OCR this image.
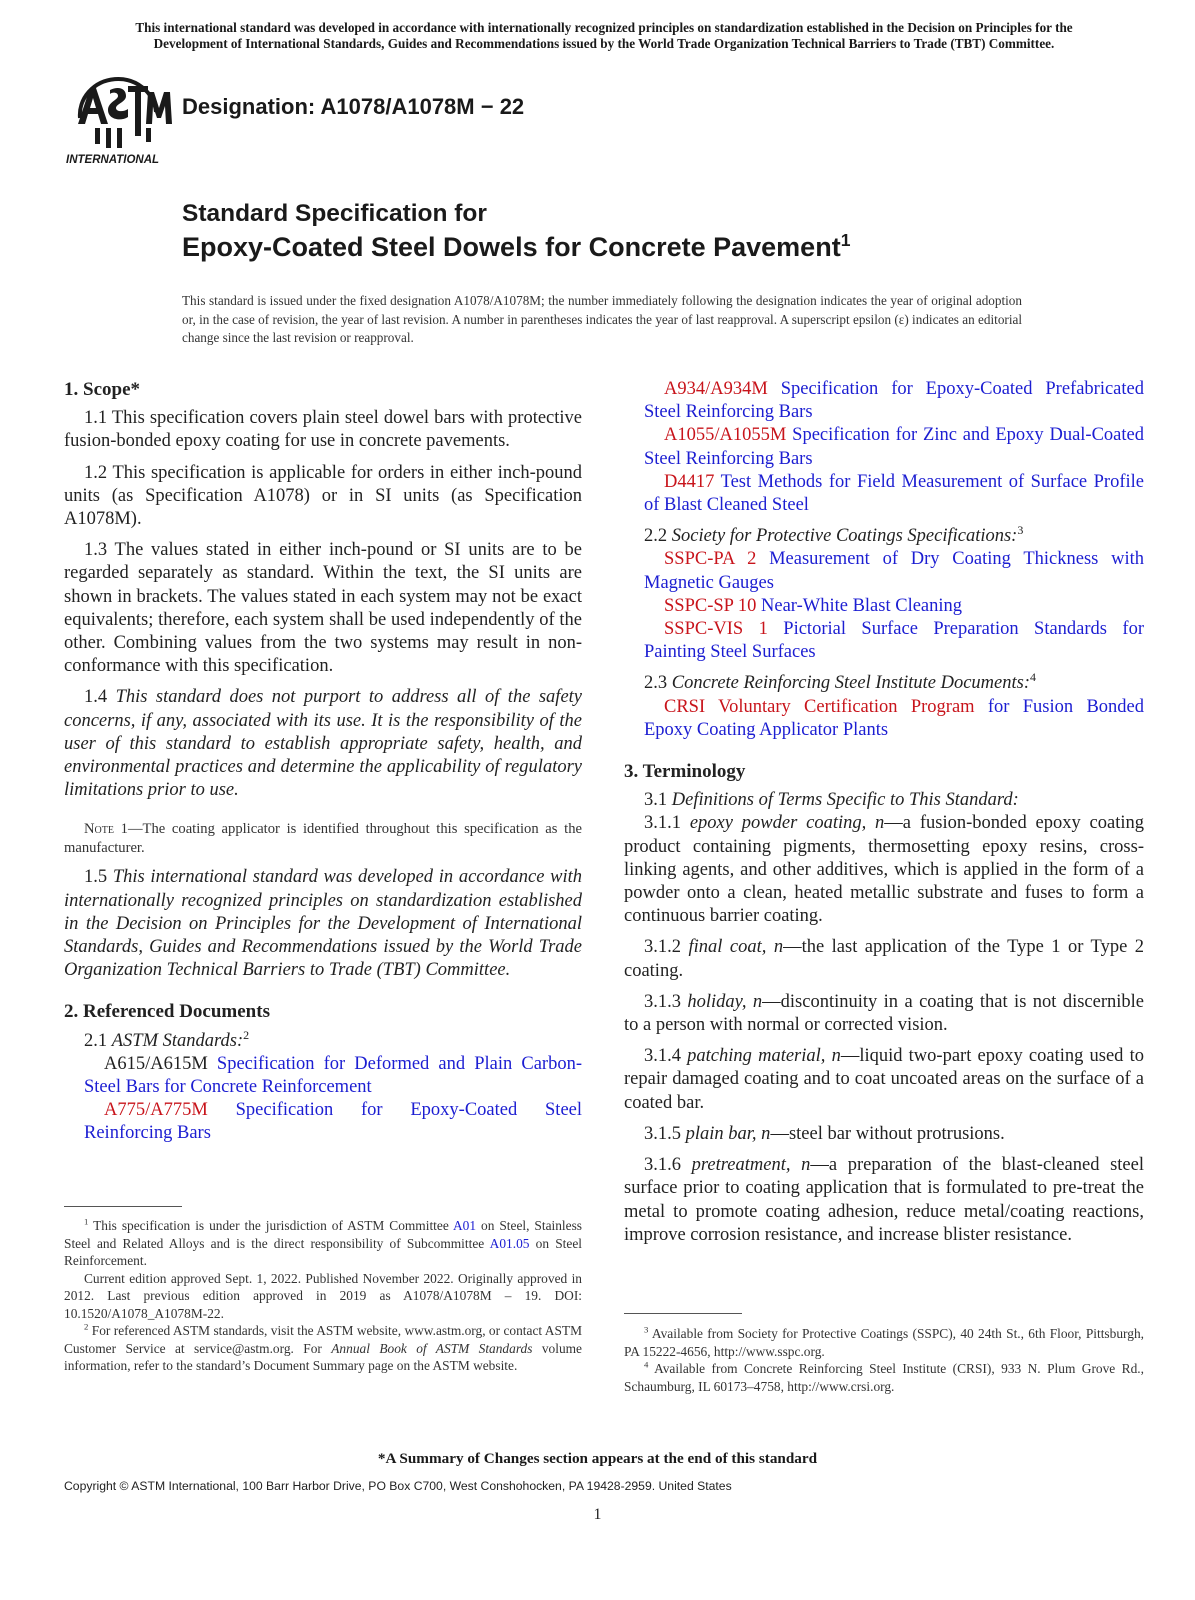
This international standard was developed in accordance with internationally recognized principles on standardization established in the Decision on Principles for the
Development of International Standards, Guides and Recommendations issued by the World Trade Organization Technical Barriers to Trade (TBT) Committee.
INTERNATIONAL
Designation: A1078/A1078M − 22
Standard Specification for
Epoxy-Coated Steel Dowels for Concrete Pavement$^1$
This standard is issued under the fixed designation A1078/A1078M; the number immediately following the designation indicates the year of original adoption or, in the case of revision, the year of last revision. A number in parentheses indicates the year of last reapproval. A superscript epsilon (ε) indicates an editorial change since the last revision or reapproval.

1. Scope*

1.1 This specification covers plain steel dowel bars with protective fusion-bonded epoxy coating for use in concrete pavements.

1.2 This specification is applicable for orders in either inch-pound units (as Specification A1078) or in SI units (as Specification A1078M).

1.3 The values stated in either inch-pound or SI units are to be regarded separately as standard. Within the text, the SI units are shown in brackets. The values stated in each system may not be exact equivalents; therefore, each system shall be used independently of the other. Combining values from the two systems may result in non-conformance with this specification.

1.4 This standard does not purport to address all of the safety concerns, if any, associated with its use. It is the responsibility of the user of this standard to establish appropriate safety, health, and environmental practices and determine the applicability of regulatory limitations prior to use.

Note 1—The coating applicator is identified throughout this specification as the manufacturer.

1.5 This international standard was developed in accordance with internationally recognized principles on standardization established in the Decision on Principles for the Development of International Standards, Guides and Recommendations issued by the World Trade Organization Technical Barriers to Trade (TBT) Committee.

2. Referenced Documents

2.1 ASTM Standards:$^2$

A615/A615M Specification for Deformed and Plain Carbon-Steel Bars for Concrete Reinforcement

A775/A775M Specification for Epoxy-Coated Steel Reinforcing Bars

A934/A934M Specification for Epoxy-Coated Prefabricated Steel Reinforcing Bars

A1055/A1055M Specification for Zinc and Epoxy Dual-Coated Steel Reinforcing Bars

D4417 Test Methods for Field Measurement of Surface Profile of Blast Cleaned Steel

2.2 Society for Protective Coatings Specifications:$^3$

SSPC-PA 2 Measurement of Dry Coating Thickness with Magnetic Gauges

SSPC-SP 10 Near-White Blast Cleaning

SSPC-VIS 1 Pictorial Surface Preparation Standards for Painting Steel Surfaces

2.3 Concrete Reinforcing Steel Institute Documents:$^4$

CRSI Voluntary Certification Program for Fusion Bonded Epoxy Coating Applicator Plants

3. Terminology

3.1 Definitions of Terms Specific to This Standard:

3.1.1 epoxy powder coating, n—a fusion-bonded epoxy coating product containing pigments, thermosetting epoxy resins, cross-linking agents, and other additives, which is applied in the form of a powder onto a clean, heated metallic substrate and fuses to form a continuous barrier coating.

3.1.2 final coat, n—the last application of the Type 1 or Type 2 coating.

3.1.3 holiday, n—discontinuity in a coating that is not discernible to a person with normal or corrected vision.

3.1.4 patching material, n—liquid two-part epoxy coating used to repair damaged coating and to coat uncoated areas on the surface of a coated bar.

3.1.5 plain bar, n—steel bar without protrusions.

3.1.6 pretreatment, n—a preparation of the blast-cleaned steel surface prior to coating application that is formulated to pre-treat the metal to promote coating adhesion, reduce metal/coating reactions, improve corrosion resistance, and increase blister resistance.

$^1$ This specification is under the jurisdiction of ASTM Committee A01 on Steel, Stainless Steel and Related Alloys and is the direct responsibility of Subcommittee A01.05 on Steel Reinforcement.

Current edition approved Sept. 1, 2022. Published November 2022. Originally approved in 2012. Last previous edition approved in 2019 as A1078/A1078M – 19. DOI: 10.1520/A1078_A1078M-22.

$^2$ For referenced ASTM standards, visit the ASTM website, www.astm.org, or contact ASTM Customer Service at service@astm.org. For Annual Book of ASTM Standards volume information, refer to the standard’s Document Summary page on the ASTM website.

$^3$ Available from Society for Protective Coatings (SSPC), 40 24th St., 6th Floor, Pittsburgh, PA 15222-4656, http://www.sspc.org.

$^4$ Available from Concrete Reinforcing Steel Institute (CRSI), 933 N. Plum Grove Rd., Schaumburg, IL 60173–4758, http://www.crsi.org.

*A Summary of Changes section appears at the end of this standard
Copyright © ASTM International, 100 Barr Harbor Drive, PO Box C700, West Conshohocken, PA 19428-2959. United States
1
